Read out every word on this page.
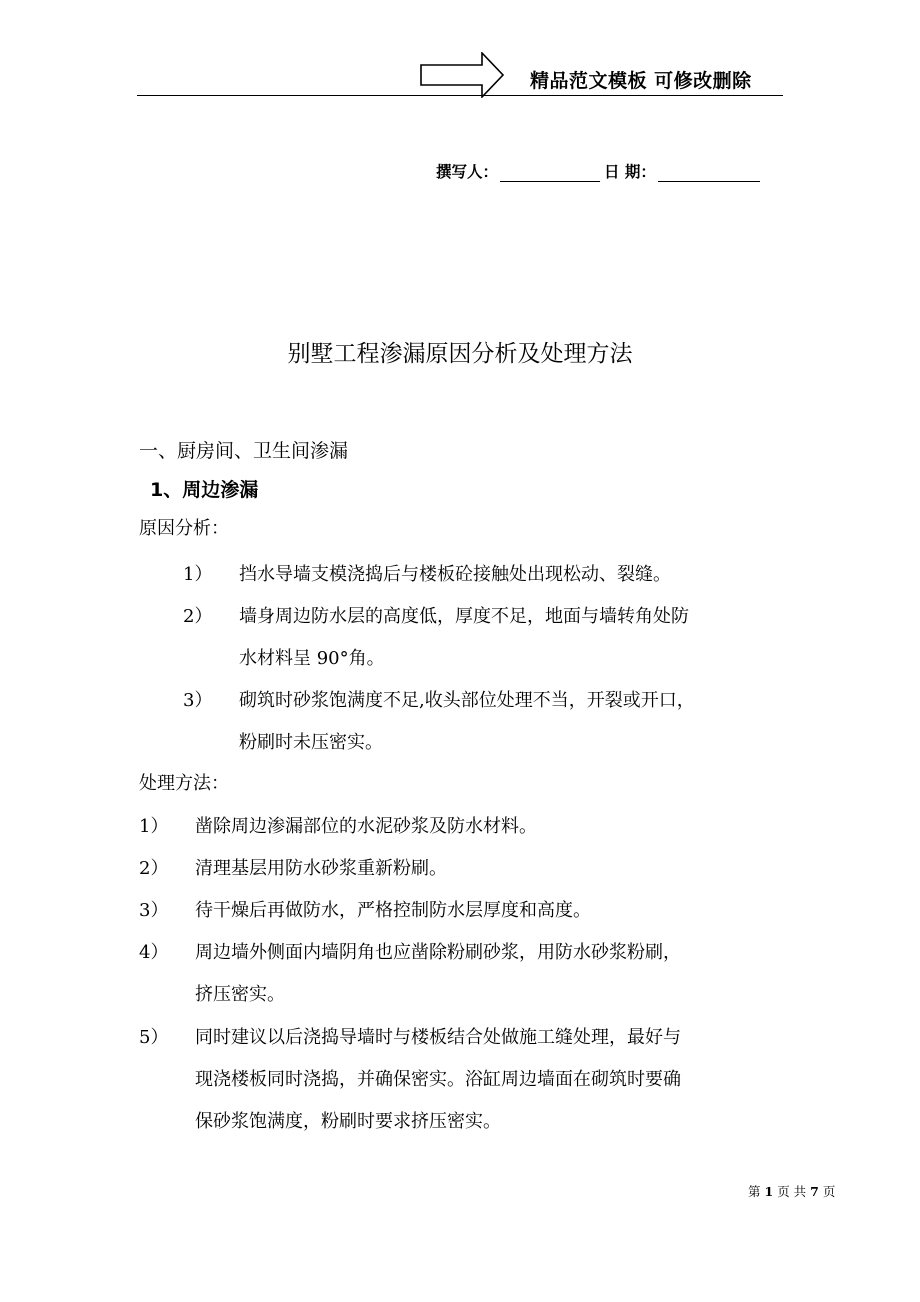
精品范文模板 可修改删除
撰写人：	日 期：
别墅工程渗漏原因分析及处理方法
一、厨房间、卫生间渗漏
1、周边渗漏
原因分析：
1） 挡水导墙支模浇捣后与楼板砼接触处出现松动、裂缝。
2） 墙身周边防水层的高度低，厚度不足，地面与墙转角处防
水材料呈 90°角。
3） 砌筑时砂浆饱满度不足,收头部位处理不当，开裂或开口，
粉刷时未压密实。
处理方法：
1） 凿除周边渗漏部位的水泥砂浆及防水材料。
2） 清理基层用防水砂浆重新粉刷。
3） 待干燥后再做防水，严格控制防水层厚度和高度。
4） 周边墙外侧面内墙阴角也应凿除粉刷砂浆，用防水砂浆粉刷，
挤压密实。
5） 同时建议以后浇捣导墙时与楼板结合处做施工缝处理，最好与
现浇楼板同时浇捣，并确保密实。浴缸周边墙面在砌筑时要确
保砂浆饱满度，粉刷时要求挤压密实。
第 1 页 共 7 页
